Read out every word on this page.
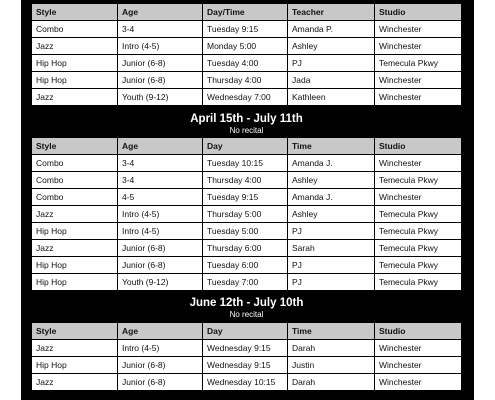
Style	Age	Day/Time	Teacher	Studio
Combo	3-4	Tuesday 9:15	Amanda P.	Winchester
Jazz	Intro (4-5)	Monday 5:00	Ashley	Winchester
Hip Hop	Junior (6-8)	Tuesday 4:00	PJ	Temecula Pkwy
Hip Hop	Junior (6-8)	Thursday 4:00	Jada	Winchester
Jazz	Youth (9-12)	Wednesday 7:00	Kathleen	Winchester
April 15th - July 11th
No recital
Style	Age	Day	Time	Studio
Combo	3-4	Tuesday 10:15	Amanda J.	Winchester
Combo	3-4	Thursday 4:00	Ashley	Temecula Pkwy
Combo	4-5	Tuesday 9:15	Amanda J.	Winchester
Jazz	Intro (4-5)	Thursday 5:00	Ashley	Temecula Pkwy
Hip Hop	Intro (4-5)	Tuesday 5:00	PJ	Temecula Pkwy
Jazz	Junior (6-8)	Thursday 6:00	Sarah	Temecula Pkwy
Hip Hop	Junior (6-8)	Tuesday 6:00	PJ	Temecula Pkwy
Hip Hop	Youth (9-12)	Tuesday 7:00	PJ	Temecula Pkwy
June 12th - July 10th
No recital
Style	Age	Day	Time	Studio
Jazz	Intro (4-5)	Wednesday 9:15	Darah	Winchester
Hip Hop	Junior (6-8)	Wednesday 9:15	Justin	Winchester
Jazz	Junior (6-8)	Wednesday 10:15	Darah	Winchester
